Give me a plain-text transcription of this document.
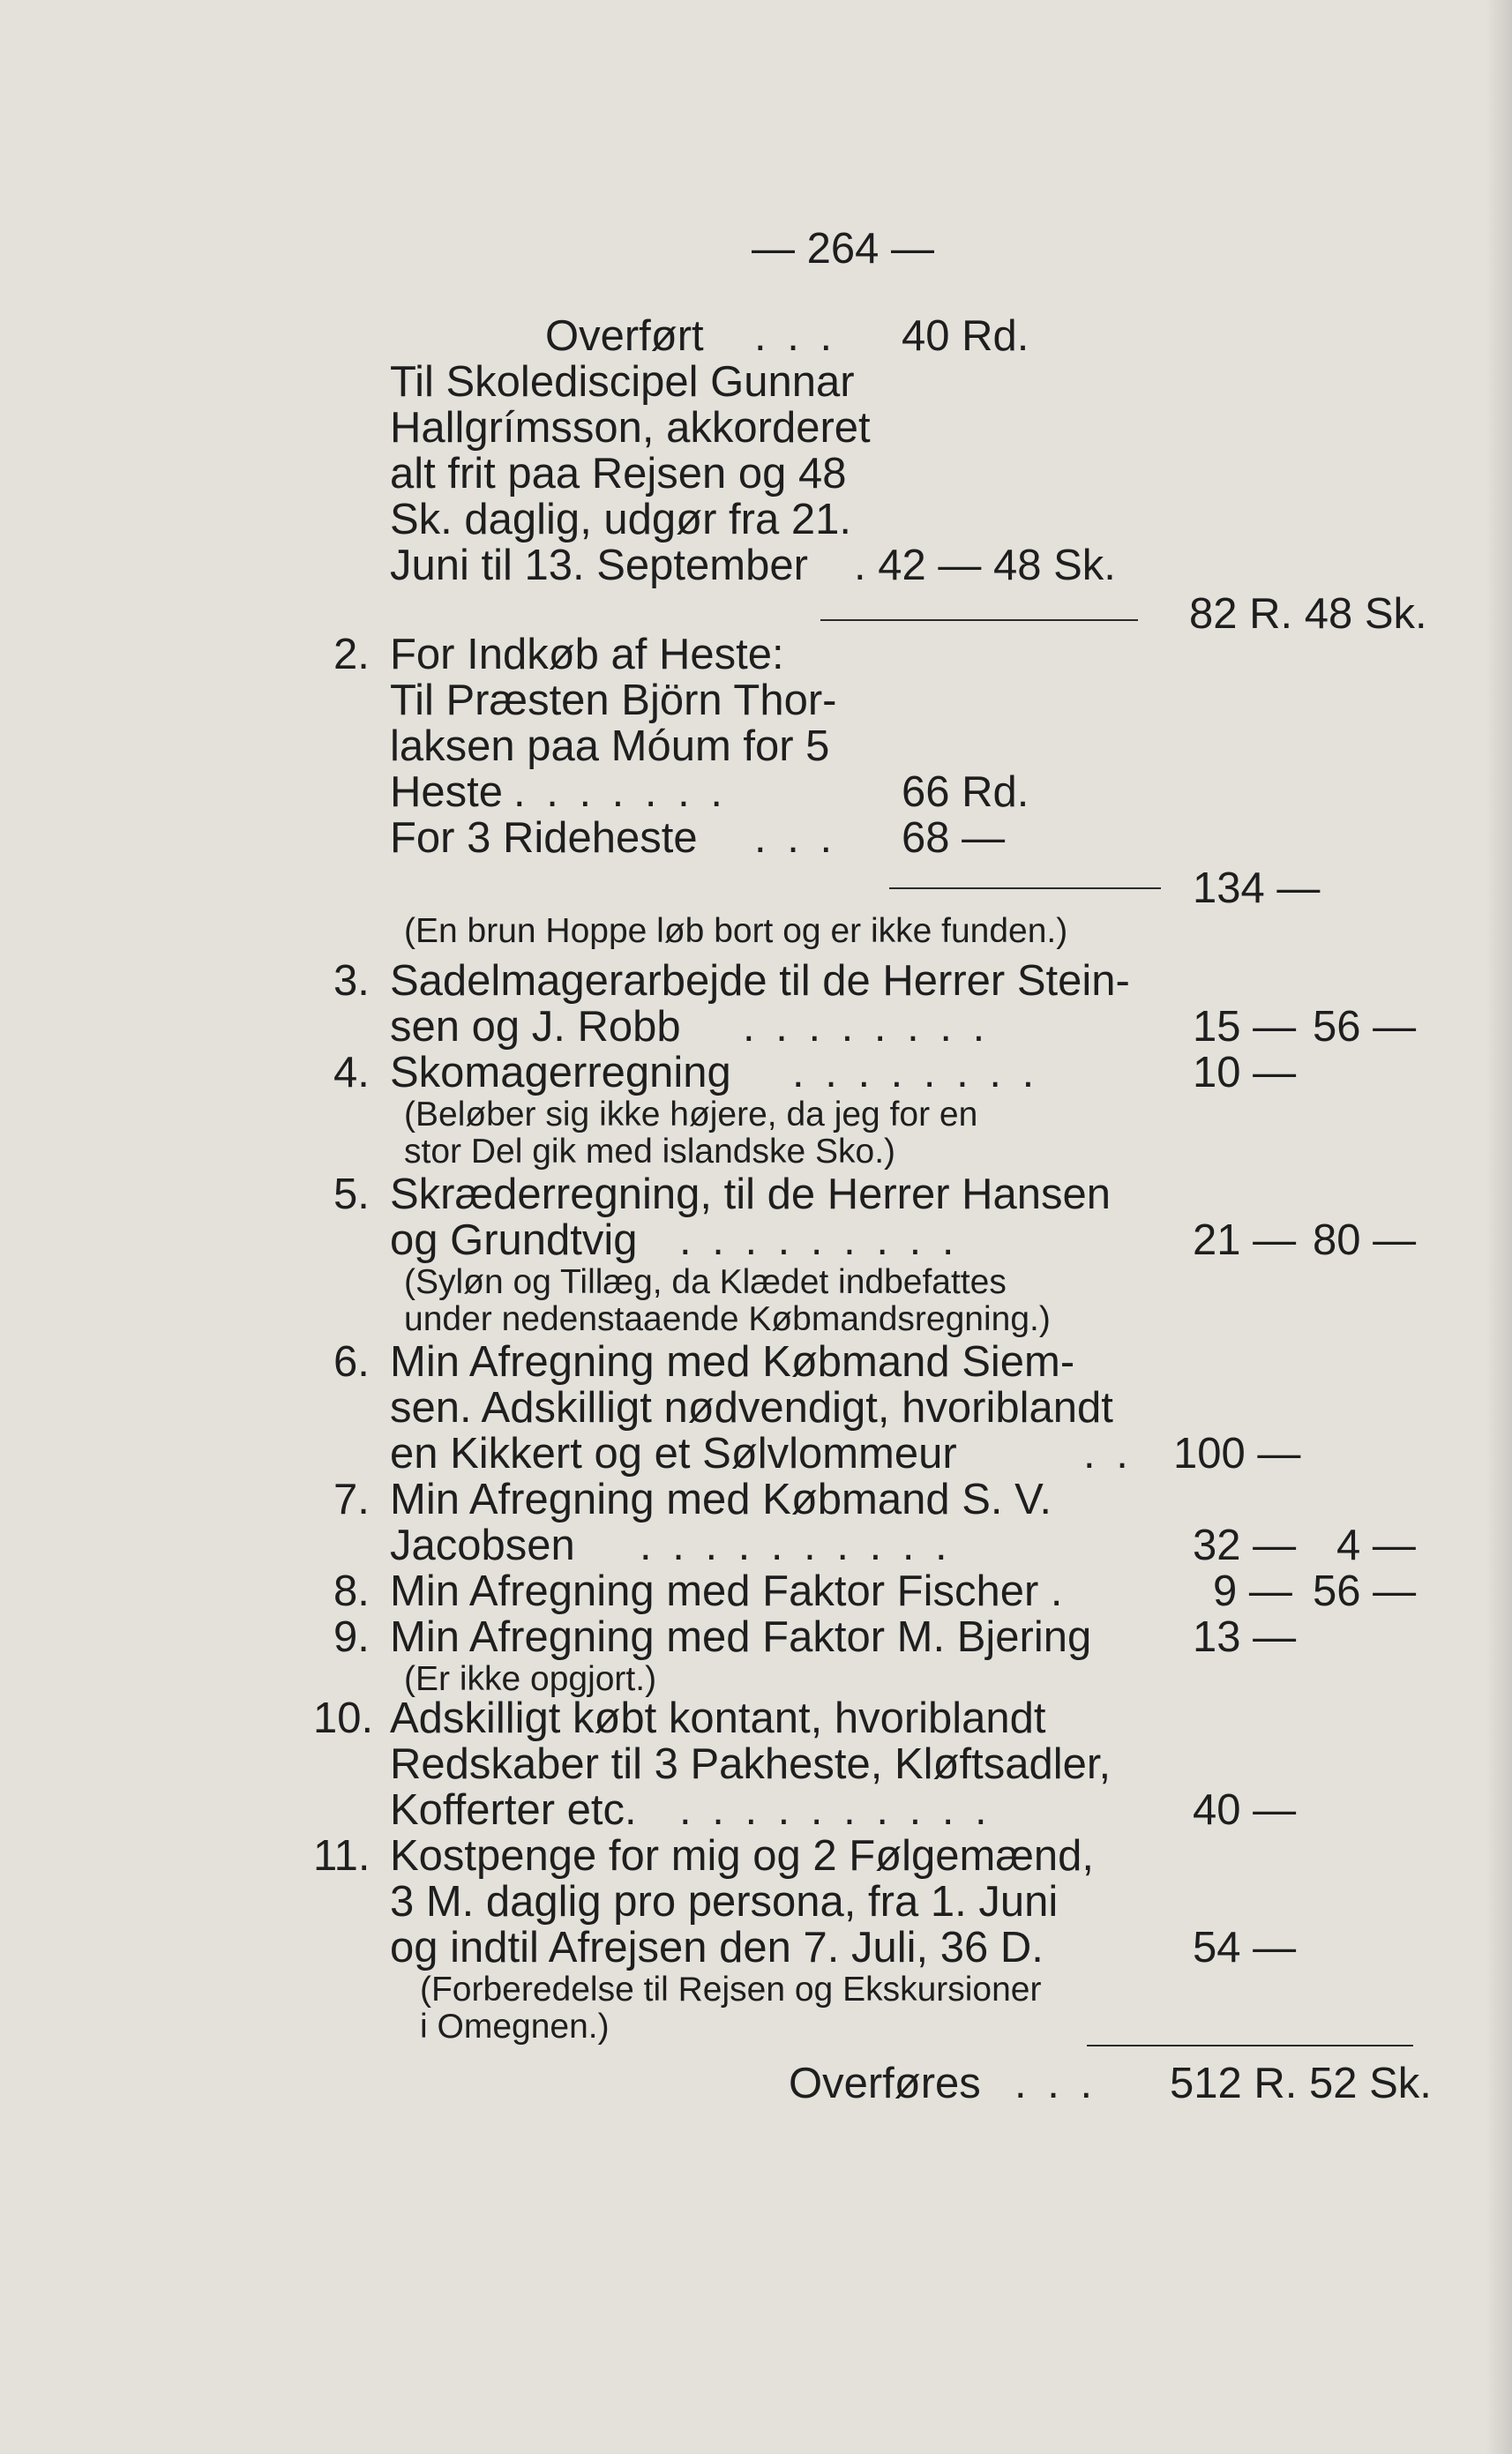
— 264 —
Overført . . . 40 Rd.
Til Skolediscipel Gunnar
Hallgrímsson, akkorderet
alt frit paa Rejsen og 48
Sk. daglig, udgør fra 21.
Juni til 13. September . 42 — 48 Sk.
82 R. 48 Sk.
2. For Indkøb af Heste:
Til Præsten Björn Thor-
laksen paa Móum for 5
Heste . . . . . . .	66 Rd.
For 3 Rideheste . . . 68 —
134 —
(En brun Hoppe løb bort og er ikke funden.)
3. Sadelmagerarbejde til de Herrer Stein-
sen og J. Robb . . . . . . . .	15 — 56 —
4. Skomagerregning . . . . . . . .	10 —
(Beløber sig ikke højere, da jeg for en
stor Del gik med islandske Sko.)
5. Skræderregning, til de Herrer Hansen
og Grundtvig . . . . . . . . .	21 — 80 —
(Syløn og Tillæg, da Klædet indbefattes
under nedenstaaende Købmandsregning.)
6. Min Afregning med Købmand Siem-
sen. Adskilligt nødvendigt, hvoriblandt
en Kikkert og et Sølvlommeur	. . 100 —
7. Min Afregning med Købmand S. V.
Jacobsen . . . . . . . . . .	32 — 4 —
8. Min Afregning med Faktor Fischer .	9 — 56 —
9. Min Afregning med Faktor M. Bjering 13 —
(Er ikke opgjort.)
10. Adskilligt købt kontant, hvoriblandt
Redskaber til 3 Pakheste, Kløftsadler,
Kofferter etc. . . . . . . . . . .	40 —
11. Kostpenge for mig og 2 Følgemænd,
3 M. daglig pro persona, fra 1. Juni
og indtil Afrejsen den 7. Juli, 36 D.	54 —
(Forberedelse til Rejsen og Ekskursioner
i Omegnen.)
Overføres . . . 512 R. 52 Sk.
